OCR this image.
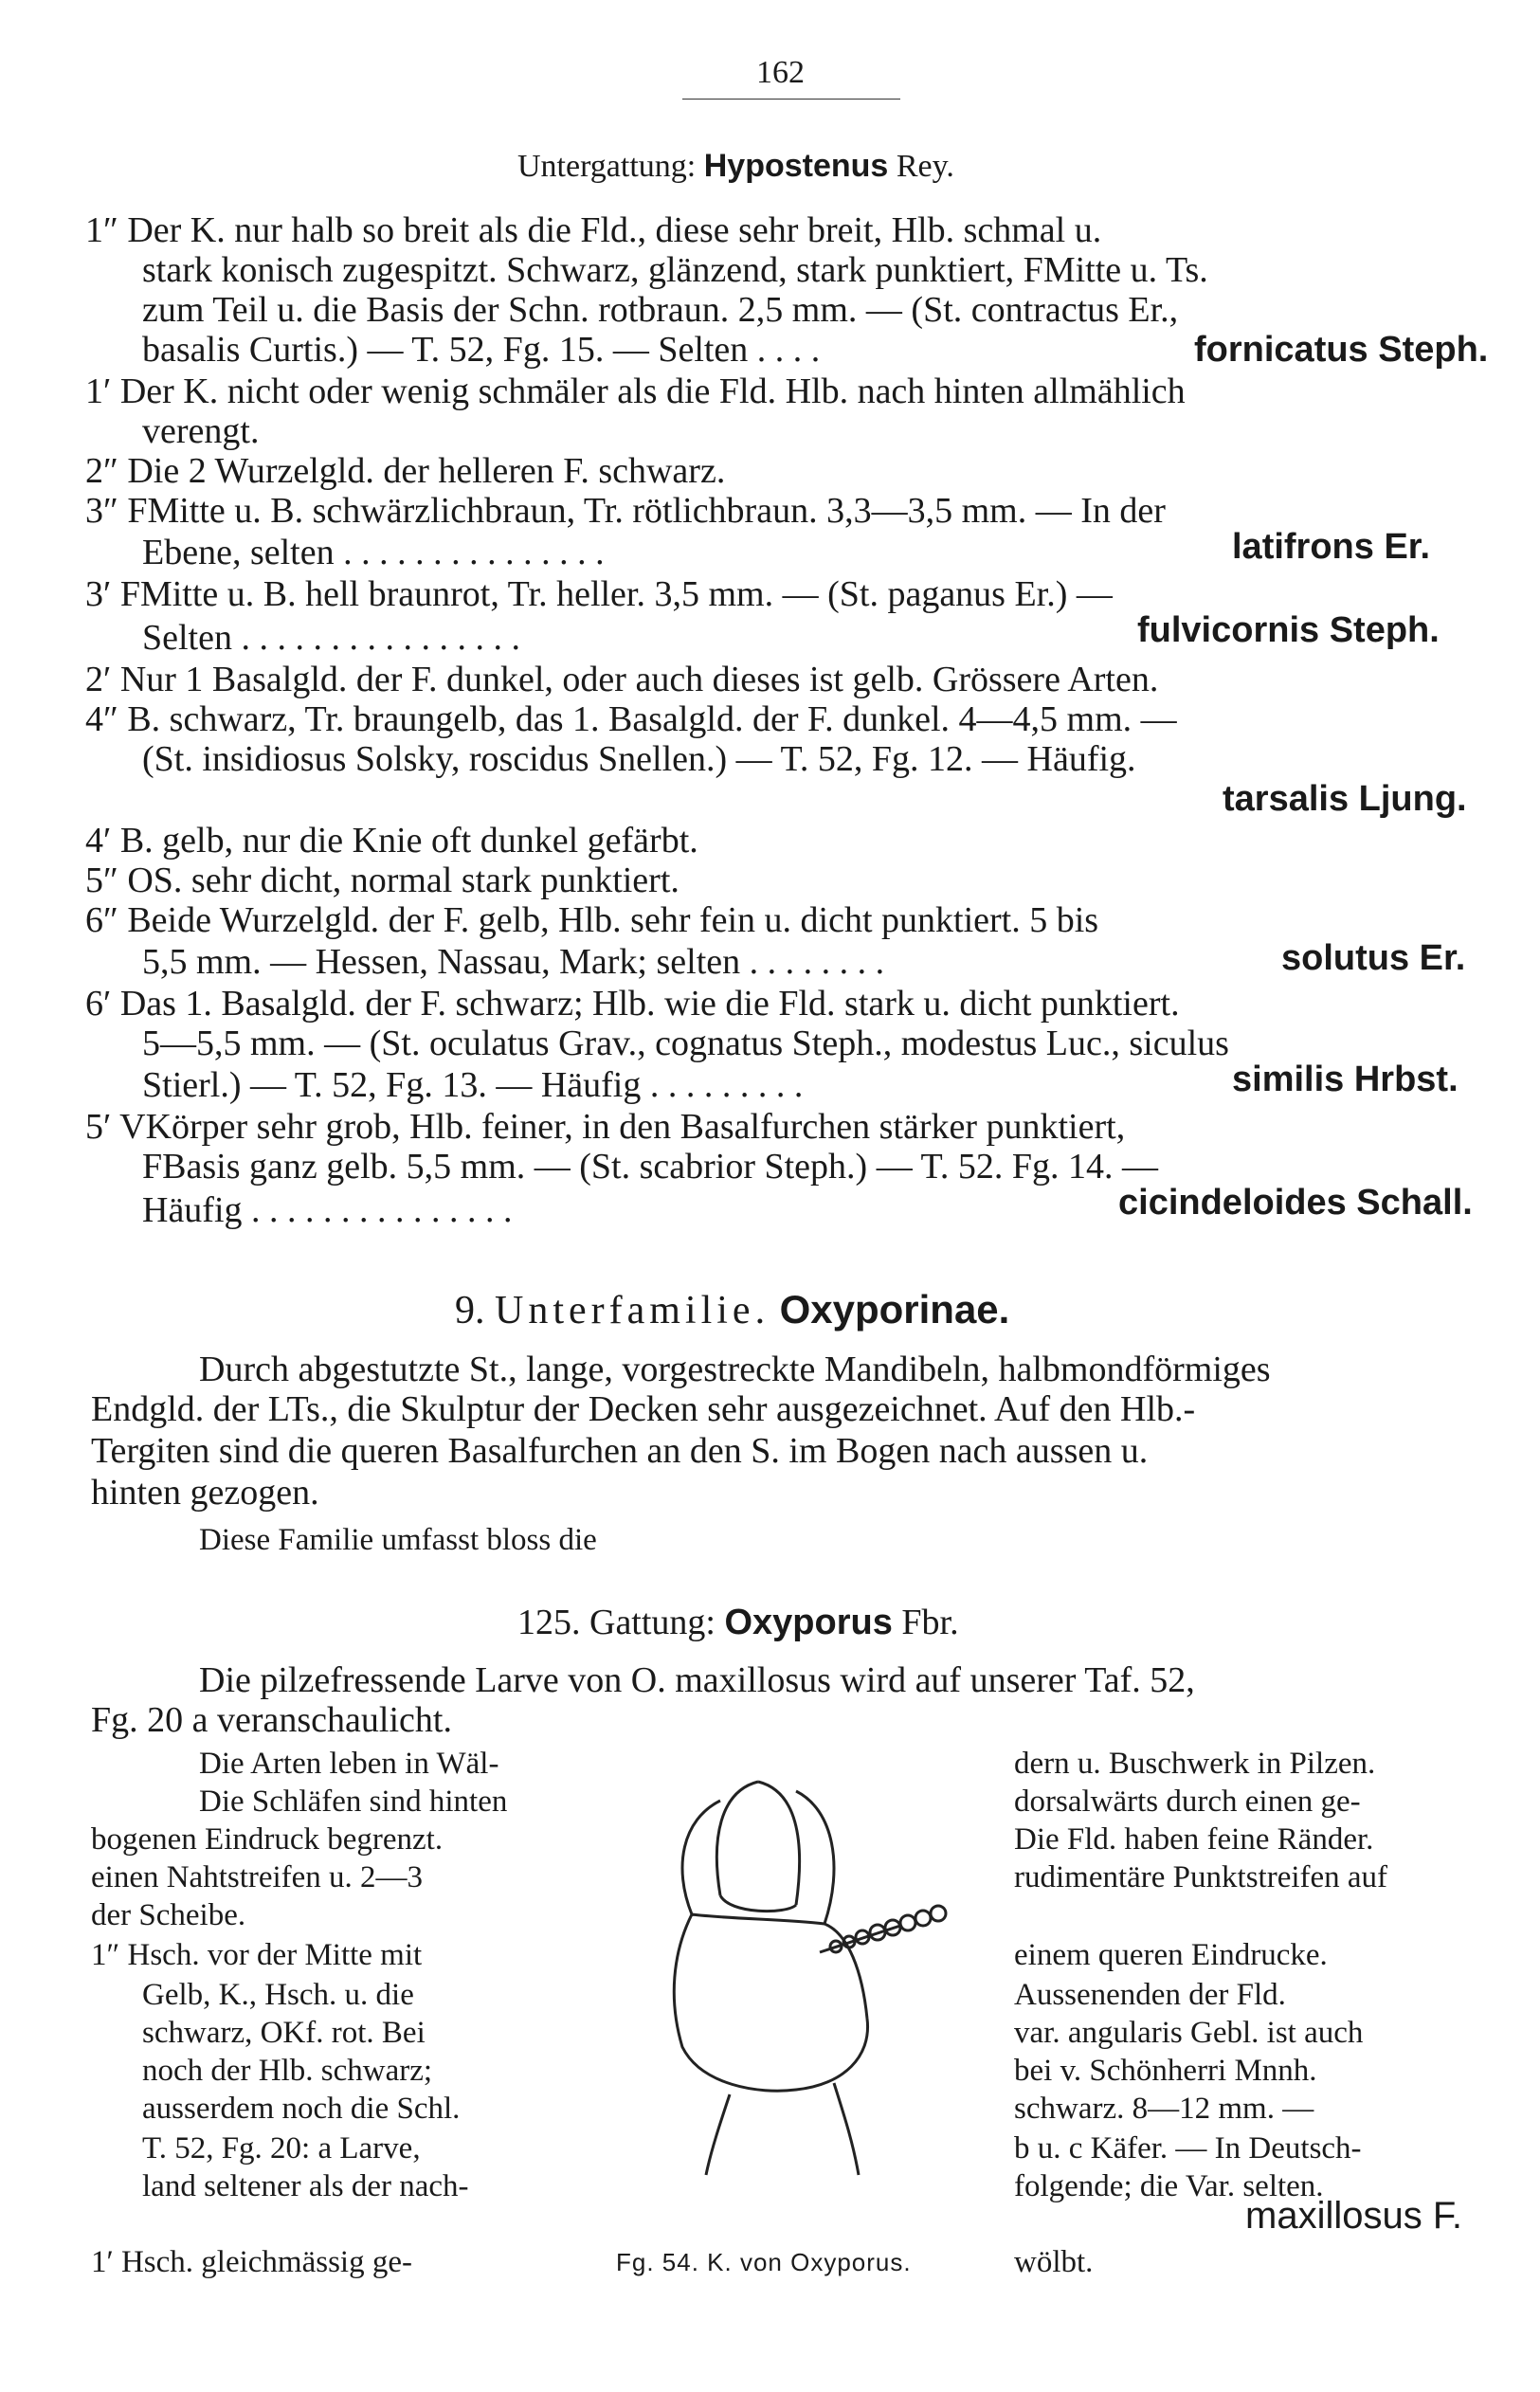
162
Untergattung: Hypostenus Rey.
1″ Der K. nur halb so breit als die Fld., diese sehr breit, Hlb. schmal u.
stark konisch zugespitzt. Schwarz, glänzend, stark punktiert, FMitte u. Ts.
zum Teil u. die Basis der Schn. rotbraun. 2,5 mm. — (St. contractus Er.,
basalis Curtis.) — T. 52, Fg. 15. — Selten . . . .	fornicatus Steph.
1′ Der K. nicht oder wenig schmäler als die Fld. Hlb. nach hinten allmählich
verengt.
2″ Die 2 Wurzelgld. der helleren F. schwarz.
3″ FMitte u. B. schwärzlichbraun, Tr. rötlichbraun. 3,3—3,5 mm. — In der
Ebene, selten . . . . . . . . . . . . . . .	latifrons Er.
3′ FMitte u. B. hell braunrot, Tr. heller. 3,5 mm. — (St. paganus Er.) —
Selten . . . . . . . . . . . . . . . .	fulvicornis Steph.
2′ Nur 1 Basalgld. der F. dunkel, oder auch dieses ist gelb. Grössere Arten.
4″ B. schwarz, Tr. braungelb, das 1. Basalgld. der F. dunkel. 4—4,5 mm. —
(St. insidiosus Solsky, roscidus Snellen.) — T. 52, Fg. 12. — Häufig.
tarsalis Ljung.
4′ B. gelb, nur die Knie oft dunkel gefärbt.
5″ OS. sehr dicht, normal stark punktiert.
6″ Beide Wurzelgld. der F. gelb, Hlb. sehr fein u. dicht punktiert. 5 bis
5,5 mm. — Hessen, Nassau, Mark; selten . . . . . . . .	solutus Er.
6′ Das 1. Basalgld. der F. schwarz; Hlb. wie die Fld. stark u. dicht punktiert.
5—5,5 mm. — (St. oculatus Grav., cognatus Steph., modestus Luc., siculus
Stierl.) — T. 52, Fg. 13. — Häufig . . . . . . . . .	similis Hrbst.
5′ VKörper sehr grob, Hlb. feiner, in den Basalfurchen stärker punktiert,
FBasis ganz gelb. 5,5 mm. — (St. scabrior Steph.) — T. 52. Fg. 14. —
Häufig . . . . . . . . . . . . . . .	cicindeloides Schall.
9. Unterfamilie. Oxyporinae.
Durch abgestutzte St., lange, vorgestreckte Mandibeln, halbmondförmiges
Endgld. der LTs., die Skulptur der Decken sehr ausgezeichnet. Auf den Hlb.-
Tergiten sind die queren Basalfurchen an den S. im Bogen nach aussen u.
hinten gezogen.
Diese Familie umfasst bloss die
125. Gattung: Oxyporus Fbr.
Die pilzefressende Larve von O. maxillosus wird auf unserer Taf. 52,
Fg. 20 a veranschaulicht.
Die Arten leben in Wäl-
Die Schläfen sind hinten
bogenen Eindruck begrenzt.
einen Nahtstreifen u. 2—3
der Scheibe.
1″ Hsch. vor der Mitte mit
Gelb, K., Hsch. u. die
schwarz, OKf. rot. Bei
noch der Hlb. schwarz;
ausserdem noch die Schl.
T. 52, Fg. 20: a Larve,
land seltener als der nach-
1′ Hsch. gleichmässig ge-
dern u. Buschwerk in Pilzen.
dorsalwärts durch einen ge-
Die Fld. haben feine Ränder.
rudimentäre Punktstreifen auf
einem queren Eindrucke.
Aussenenden der Fld.
var. angularis Gebl. ist auch
bei v. Schönherri Mnnh.
schwarz. 8—12 mm. —
b u. c Käfer. — In Deutsch-
folgende; die Var. selten.
maxillosus F.
wölbt.
Fg. 54. K. von Oxyporus.
